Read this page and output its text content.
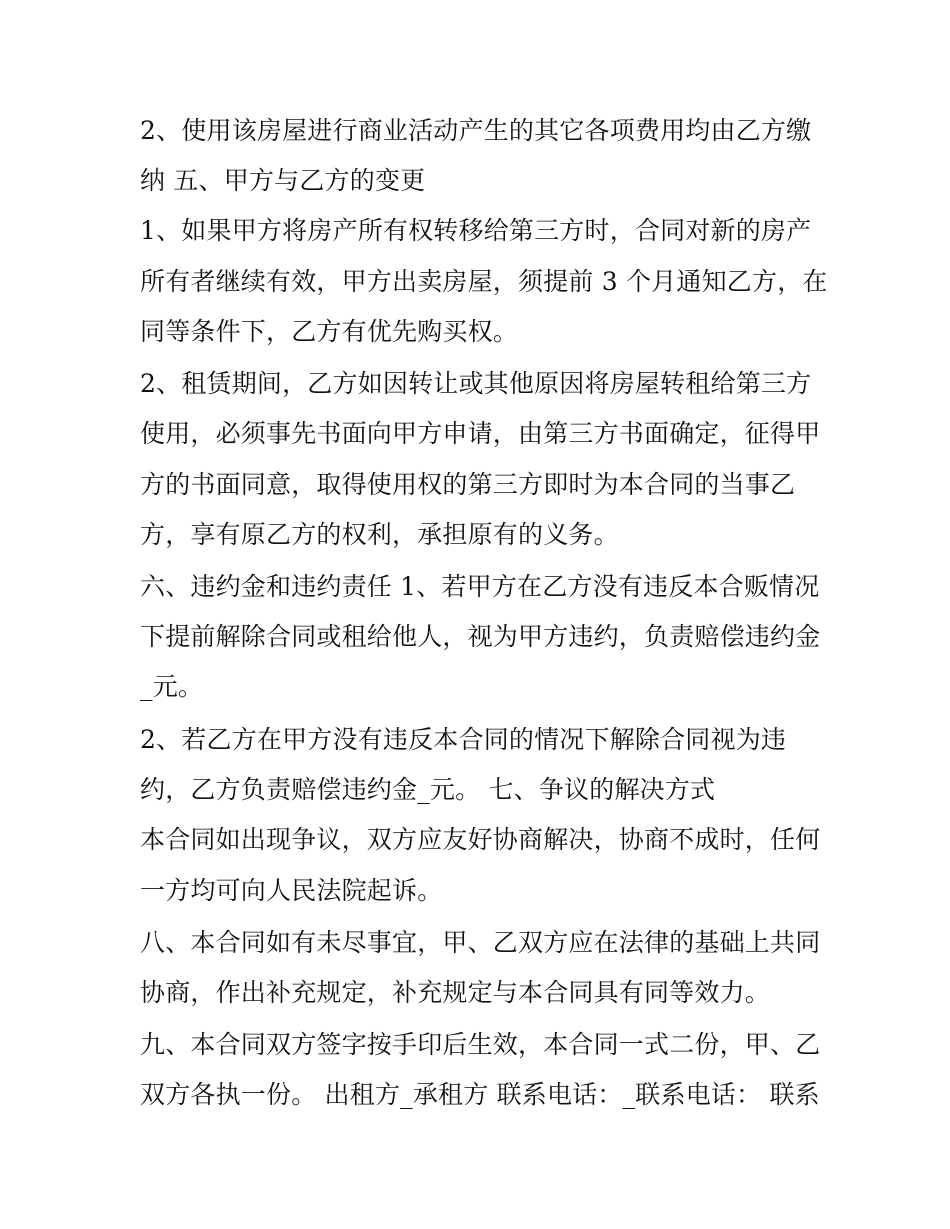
2、使用该房屋进行商业活动产生的其它各项费用均由乙方缴
纳 五、甲方与乙方的变更
1、如果甲方将房产所有权转移给第三方时，合同对新的房产
所有者继续有效，甲方出卖房屋，须提前 3 个月通知乙方，在
同等条件下，乙方有优先购买权。
2、租赁期间，乙方如因转让或其他原因将房屋转租给第三方
使用，必须事先书面向甲方申请，由第三方书面确定，征得甲
方的书面同意，取得使用权的第三方即时为本合同的当事乙
方，享有原乙方的权利，承担原有的义务。
六、违约金和违约责任 1、若甲方在乙方没有违反本合贩情况
下提前解除合同或租给他人，视为甲方违约，负责赔偿违约金
_元。
2、若乙方在甲方没有违反本合同的情况下解除合同视为违
约，乙方负责赔偿违约金_元。 七、争议的解决方式
本合同如出现争议，双方应友好协商解决，协商不成时，任何
一方均可向人民法院起诉。
八、本合同如有未尽事宜，甲、乙双方应在法律的基础上共同
协商，作出补充规定，补充规定与本合同具有同等效力。
九、本合同双方签字按手印后生效，本合同一式二份，甲、乙
双方各执一份。 出租方_承租方 联系电话：_联系电话： 联系
